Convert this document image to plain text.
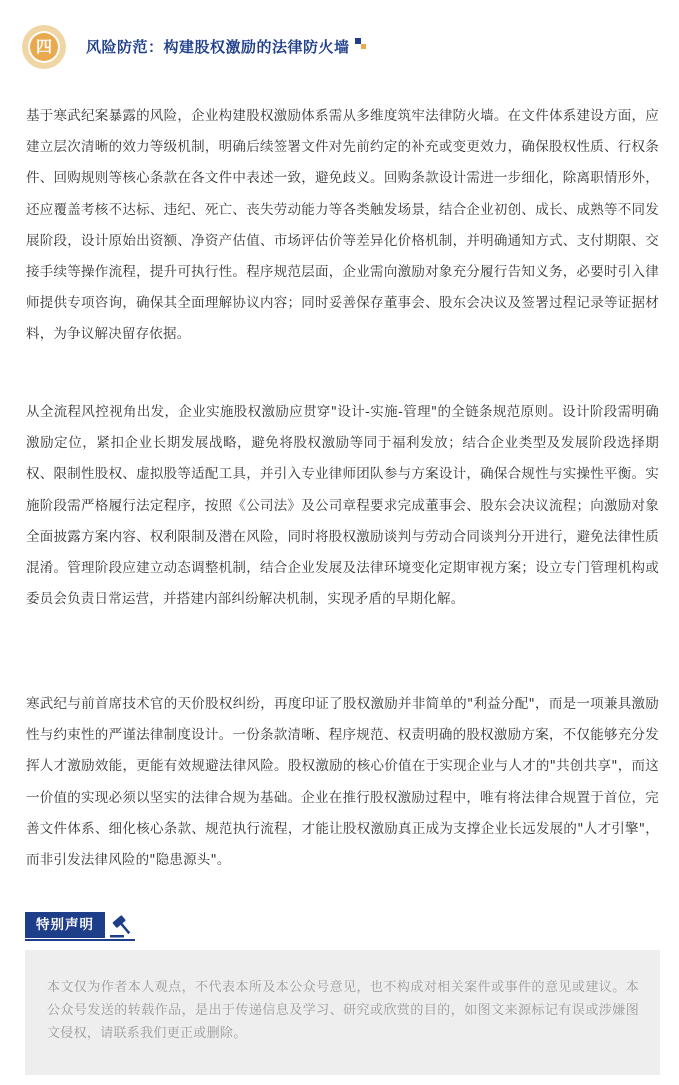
四	风险防范：构建股权激励的法律防火墙
基于寒武纪案暴露的风险，企业构建股权激励体系需从多维度筑牢法律防火墙。在文件体系建设方面，应建立层次清晰的效力等级机制，明确后续签署文件对先前约定的补充或变更效力，确保股权性质、行权条件、回购规则等核心条款在各文件中表述一致，避免歧义。回购条款设计需进一步细化，除离职情形外，还应覆盖考核不达标、违纪、死亡、丧失劳动能力等各类触发场景，结合企业初创、成长、成熟等不同发展阶段，设计原始出资额、净资产估值、市场评估价等差异化价格机制，并明确通知方式、支付期限、交接手续等操作流程，提升可执行性。程序规范层面，企业需向激励对象充分履行告知义务，必要时引入律师提供专项咨询，确保其全面理解协议内容；同时妥善保存董事会、股东会决议及签署过程记录等证据材料，为争议解决留存依据。
从全流程风控视角出发，企业实施股权激励应贯穿"设计-实施-管理"的全链条规范原则。设计阶段需明确激励定位，紧扣企业长期发展战略，避免将股权激励等同于福利发放；结合企业类型及发展阶段选择期权、限制性股权、虚拟股等适配工具，并引入专业律师团队参与方案设计，确保合规性与实操性平衡。实施阶段需严格履行法定程序，按照《公司法》及公司章程要求完成董事会、股东会决议流程；向激励对象全面披露方案内容、权利限制及潜在风险，同时将股权激励谈判与劳动合同谈判分开进行，避免法律性质混淆。管理阶段应建立动态调整机制，结合企业发展及法律环境变化定期审视方案；设立专门管理机构或委员会负责日常运营，并搭建内部纠纷解决机制，实现矛盾的早期化解。
寒武纪与前首席技术官的天价股权纠纷，再度印证了股权激励并非简单的"利益分配"，而是一项兼具激励性与约束性的严谨法律制度设计。一份条款清晰、程序规范、权责明确的股权激励方案，不仅能够充分发挥人才激励效能，更能有效规避法律风险。股权激励的核心价值在于实现企业与人才的"共创共享"，而这一价值的实现必须以坚实的法律合规为基础。企业在推行股权激励过程中，唯有将法律合规置于首位，完善文件体系、细化核心条款、规范执行流程，才能让股权激励真正成为支撑企业长远发展的"人才引擎"，而非引发法律风险的"隐患源头"。
特别声明
本文仅为作者本人观点，不代表本所及本公众号意见，也不构成对相关案件或事件的意见或建议。本公众号发送的转载作品，是出于传递信息及学习、研究或欣赏的目的，如图文来源标记有误或涉嫌图文侵权，请联系我们更正或删除。
